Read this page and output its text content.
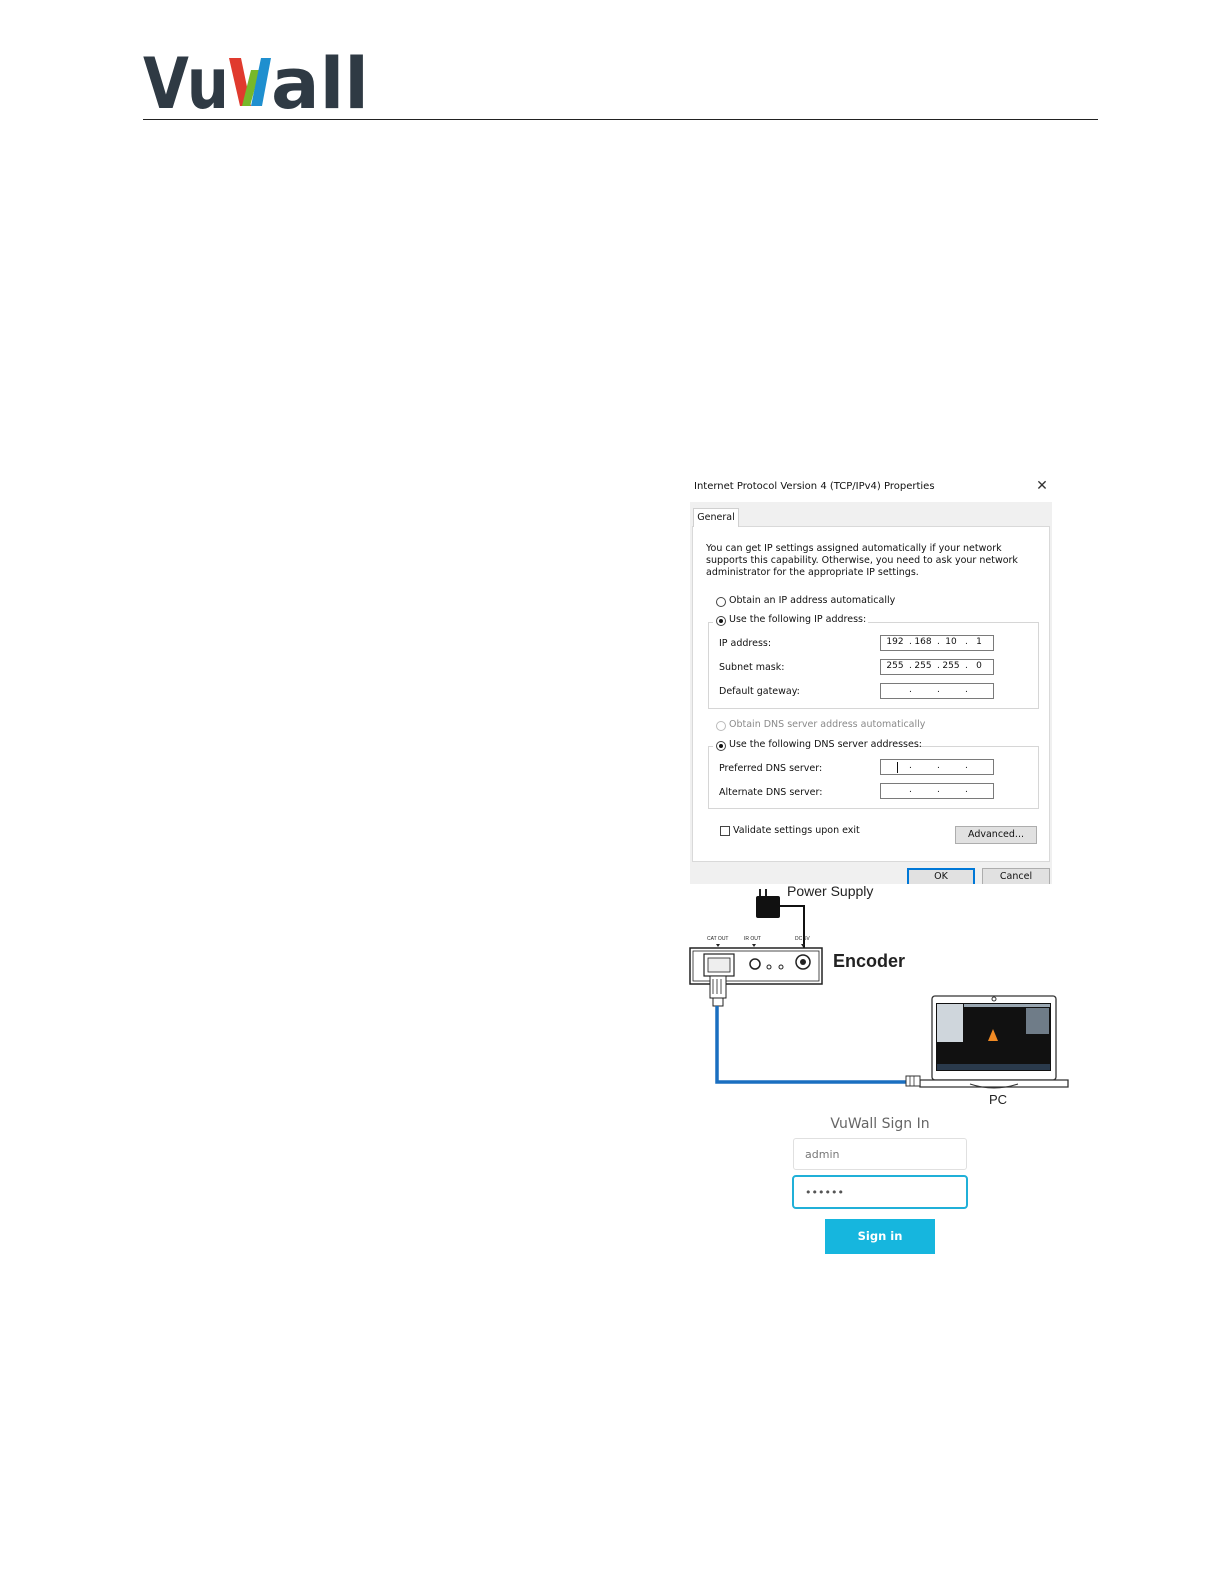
Vu all
Internet Protocol Version 4 (TCP/IPv4) Properties	✕
General
You can get IP settings assigned automatically if your network supports this capability. Otherwise, you need to ask your network administrator for the appropriate IP settings.
Obtain an IP address automatically
Use the following IP address:
IP address:	192 . 168 . 10 . 1
Subnet mask:	255 . 255 . 255 . 0
Default gateway:	.	.	.
Obtain DNS server address automatically
Use the following DNS server addresses:
Preferred DNS server:	.	.	.
Alternate DNS server:	.	.	.
Validate settings upon exit	Advanced...
OK	Cancel
Power Supply
Encoder
PC
CAT OUT	IR OUT	DC 5V
VuWall Sign In
admin
••••••
Sign in
